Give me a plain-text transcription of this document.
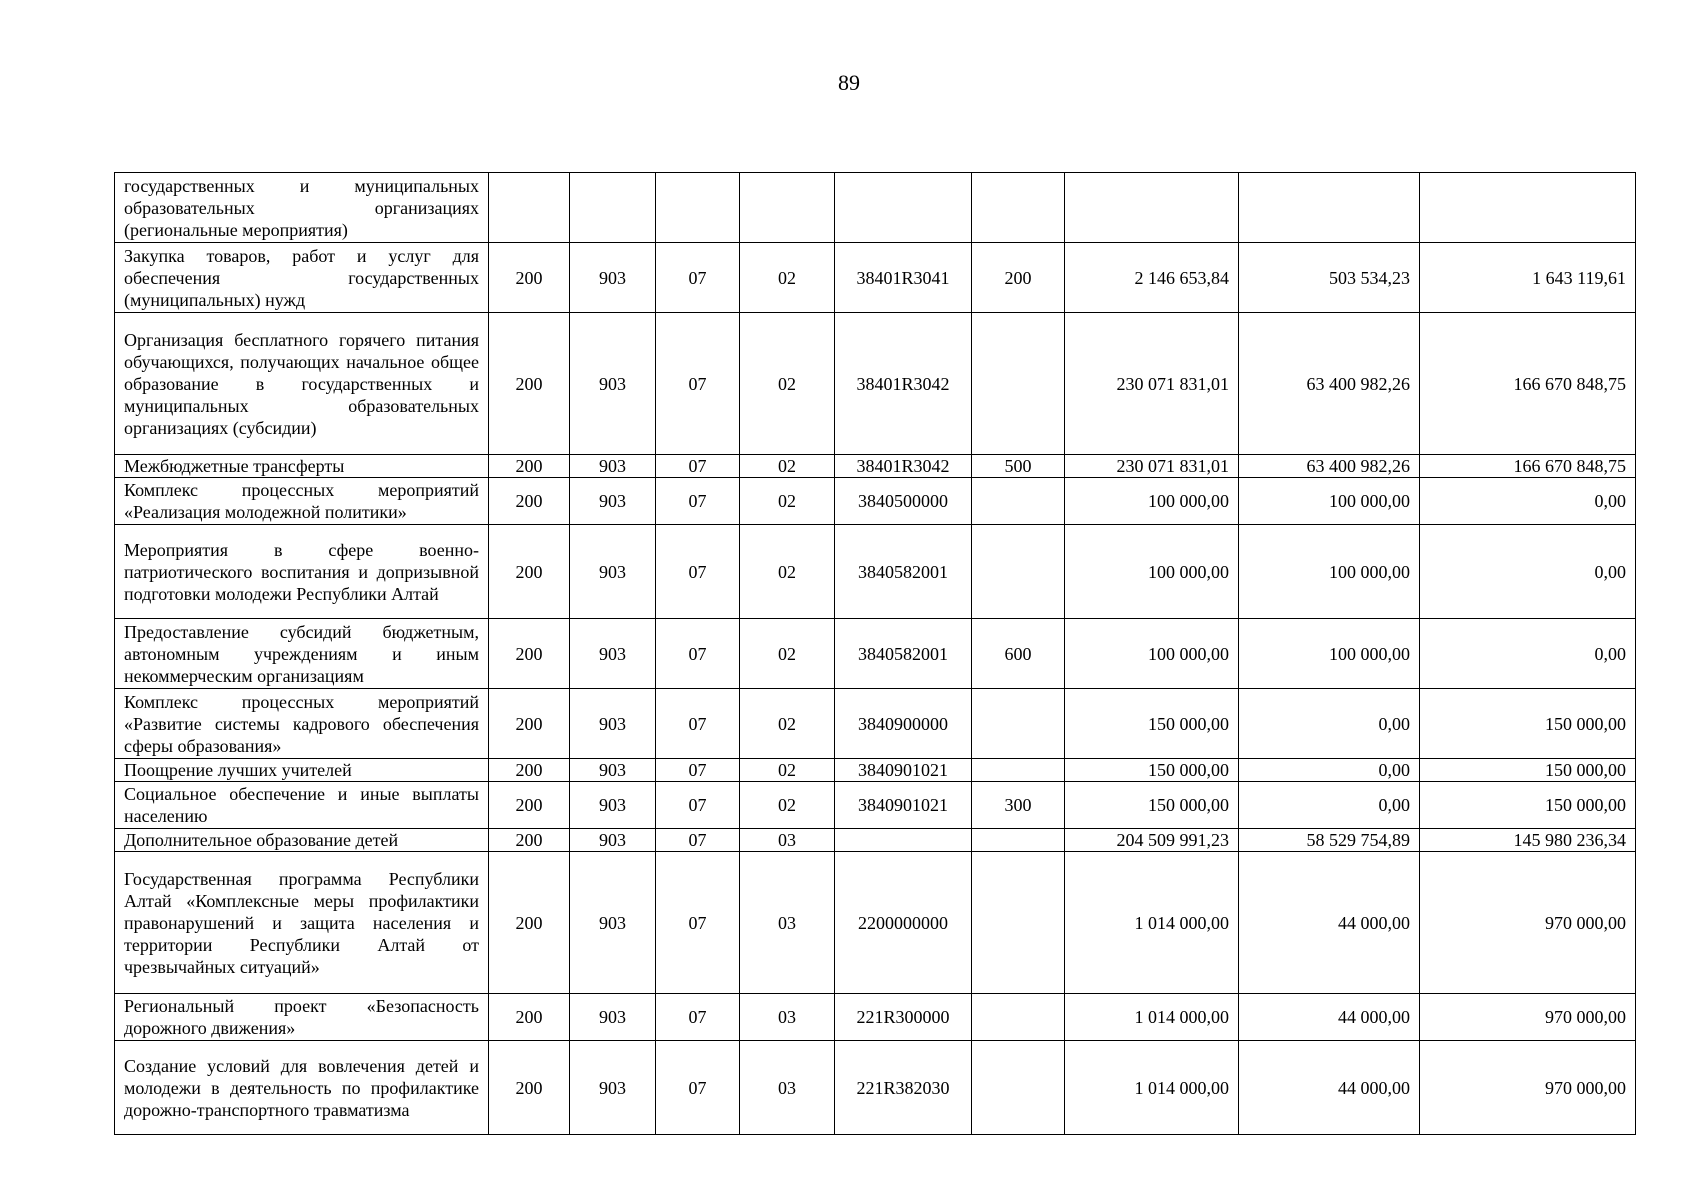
89
государственных и муниципальных образовательных организациях (региональные мероприятия)									
Закупка товаров, работ и услуг для обеспечения государственных (муниципальных) нужд	200	903	07	02	38401R3041	200	2 146 653,84	503 534,23	1 643 119,61
Организация бесплатного горячего питания обучающихся, получающих начальное общее образование в государственных и муниципальных образовательных организациях (субсидии)	200	903	07	02	38401R3042		230 071 831,01	63 400 982,26	166 670 848,75
Межбюджетные трансферты	200	903	07	02	38401R3042	500	230 071 831,01	63 400 982,26	166 670 848,75
Комплекс процессных мероприятий «Реализация молодежной политики»	200	903	07	02	3840500000		100 000,00	100 000,00	0,00
Мероприятия в сфере военно-патриотического воспитания и допризывной подготовки молодежи Республики Алтай	200	903	07	02	3840582001		100 000,00	100 000,00	0,00
Предоставление субсидий бюджетным, автономным учреждениям и иным некоммерческим организациям	200	903	07	02	3840582001	600	100 000,00	100 000,00	0,00
Комплекс процессных мероприятий «Развитие системы кадрового обеспечения сферы образования»	200	903	07	02	3840900000		150 000,00	0,00	150 000,00
Поощрение лучших учителей	200	903	07	02	3840901021		150 000,00	0,00	150 000,00
Социальное обеспечение и иные выплаты населению	200	903	07	02	3840901021	300	150 000,00	0,00	150 000,00
Дополнительное образование детей	200	903	07	03			204 509 991,23	58 529 754,89	145 980 236,34
Государственная программа Республики Алтай «Комплексные меры профилактики правонарушений и защита населения и территории Республики Алтай от чрезвычайных ситуаций»	200	903	07	03	2200000000		1 014 000,00	44 000,00	970 000,00
Региональный проект «Безопасность дорожного движения»	200	903	07	03	221R300000		1 014 000,00	44 000,00	970 000,00
Создание условий для вовлечения детей и молодежи в деятельность по профилактике дорожно-транспортного травматизма	200	903	07	03	221R382030		1 014 000,00	44 000,00	970 000,00
